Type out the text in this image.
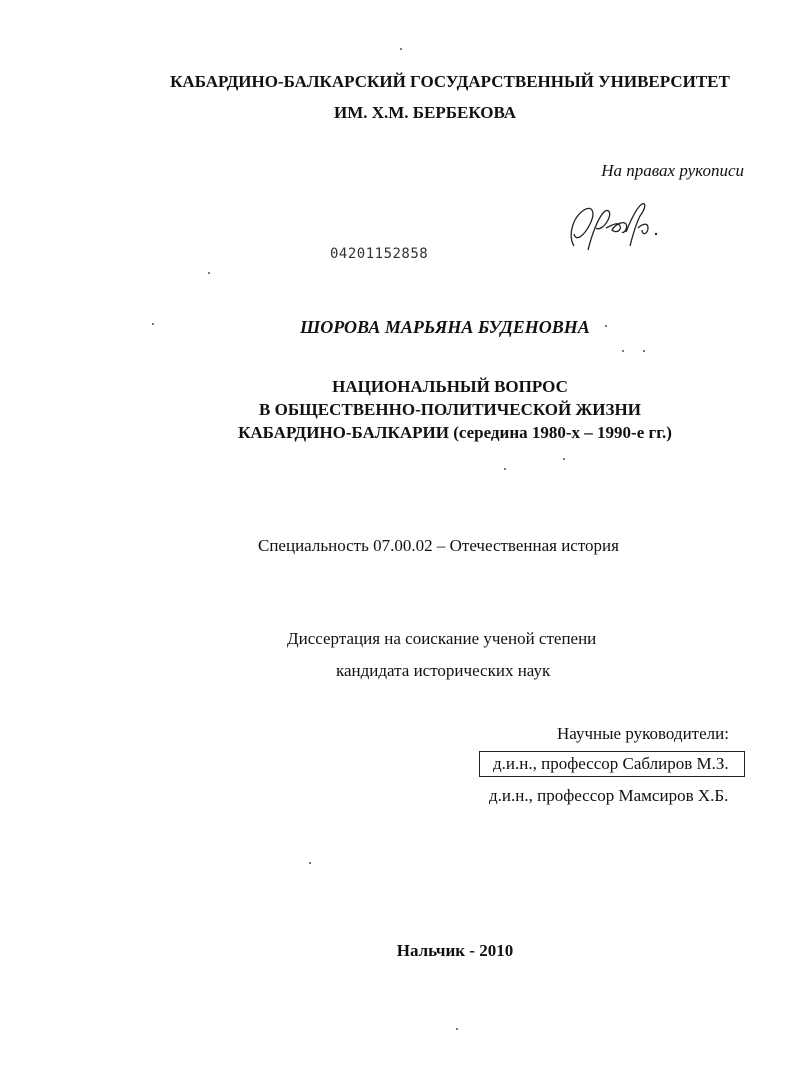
КАБАРДИНО-БАЛКАРСКИЙ ГОСУДАРСТВЕННЫЙ УНИВЕРСИТЕТ
ИМ. Х.М. БЕРБЕКОВА
На правах рукописи
04201152858
ШОРОВА МАРЬЯНА БУДЕНОВНА
НАЦИОНАЛЬНЫЙ ВОПРОС
В ОБЩЕСТВЕННО-ПОЛИТИЧЕСКОЙ ЖИЗНИ
КАБАРДИНО-БАЛКАРИИ (середина 1980-х – 1990-е гг.)
Специальность 07.00.02 – Отечественная история
Диссертация на соискание ученой степени
кандидата исторических наук
Научные руководители:
д.и.н., профессор Саблиров М.З.
д.и.н., профессор Мамсиров Х.Б.
Нальчик - 2010
